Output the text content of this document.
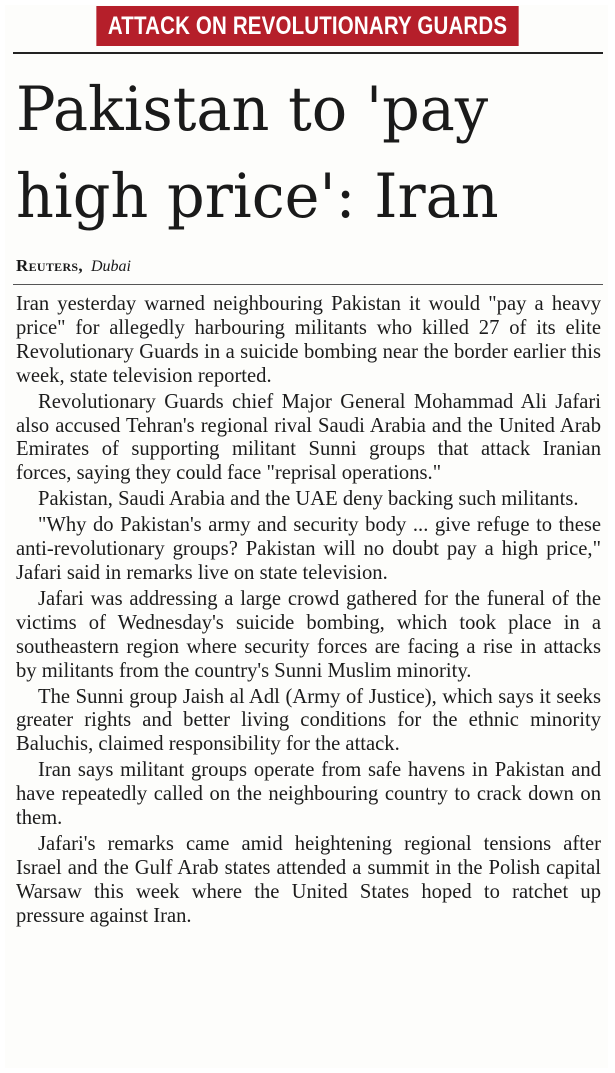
ATTACK ON REVOLUTIONARY GUARDS
Pakistan to 'pay high price': Iran
Reuters, Dubai

Iran yesterday warned neighbouring Pakistan it would "pay a heavy price" for allegedly harbouring militants who killed 27 of its elite Revolutionary Guards in a suicide bombing near the border earlier this week, state television reported.

Revolutionary Guards chief Major General Mohammad Ali Jafari also accused Tehran's regional rival Saudi Arabia and the United Arab Emirates of supporting militant Sunni groups that attack Iranian forces, saying they could face "reprisal operations."

Pakistan, Saudi Arabia and the UAE deny backing such militants.

"Why do Pakistan's army and security body ... give refuge to these anti-revolutionary groups? Pakistan will no doubt pay a high price," Jafari said in remarks live on state television.

Jafari was addressing a large crowd gathered for the funeral of the victims of Wednesday's suicide bombing, which took place in a southeastern region where security forces are facing a rise in attacks by militants from the country's Sunni Muslim minority.

The Sunni group Jaish al Adl (Army of Justice), which says it seeks greater rights and better living conditions for the ethnic minority Baluchis, claimed responsibility for the attack.

Iran says militant groups operate from safe havens in Pakistan and have repeatedly called on the neighbouring country to crack down on them.

Jafari's remarks came amid heightening regional tensions after Israel and the Gulf Arab states attended a summit in the Polish capital Warsaw this week where the United States hoped to ratchet up pressure against Iran.
